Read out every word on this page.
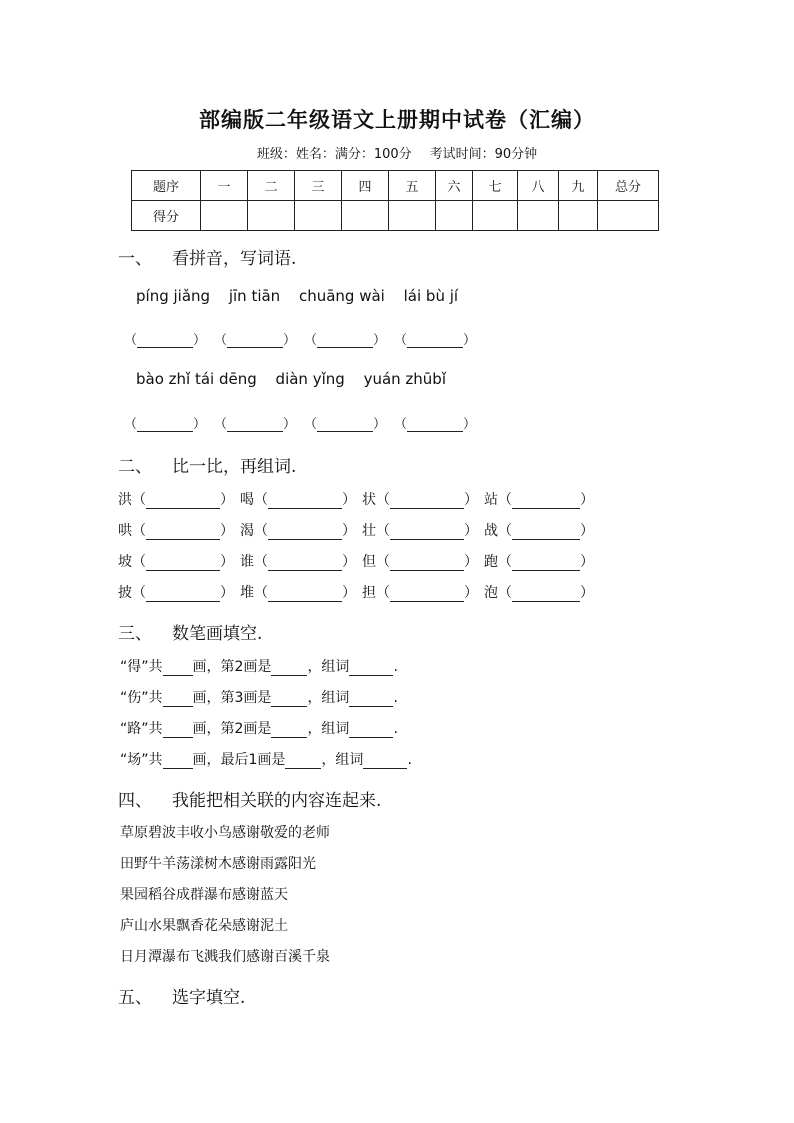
部编版二年级语文上册期中试卷（汇编）
班级：姓名：满分：100分 考试时间：90分钟
题序	一	二	三	四	五	六	七	八	九	总分
得分										
一、 看拼音，写词语.
píng jiǎng jīn tiān chuāng wài lái bù jí
（	） （	） （	） （	）
bào zhǐ tái dēng diàn yǐng yuán zhūbǐ
（	） （	） （	） （	）
二、 比一比，再组词.
洪（	） 喝（	） 状（	） 站（	）
哄（	） 渴（	） 壮（	） 战（	）
坡（	） 谁（	） 但（	） 跑（	）
披（	） 堆（	） 担（	） 泡（	）
三、 数笔画填空.
“得”共 画，第2画是	，组词	.
“伤”共 画，第3画是	，组词	.
“路”共 画，第2画是	，组词	.
“场”共 画，最后1画是	，组词	.
四、 我能把相关联的内容连起来.
草原碧波丰收小鸟感谢敬爱的老师
田野牛羊荡漾树木感谢雨露阳光
果园稻谷成群瀑布感谢蓝天
庐山水果飘香花朵感谢泥土
日月潭瀑布飞溅我们感谢百溪千泉
五、 选字填空.
